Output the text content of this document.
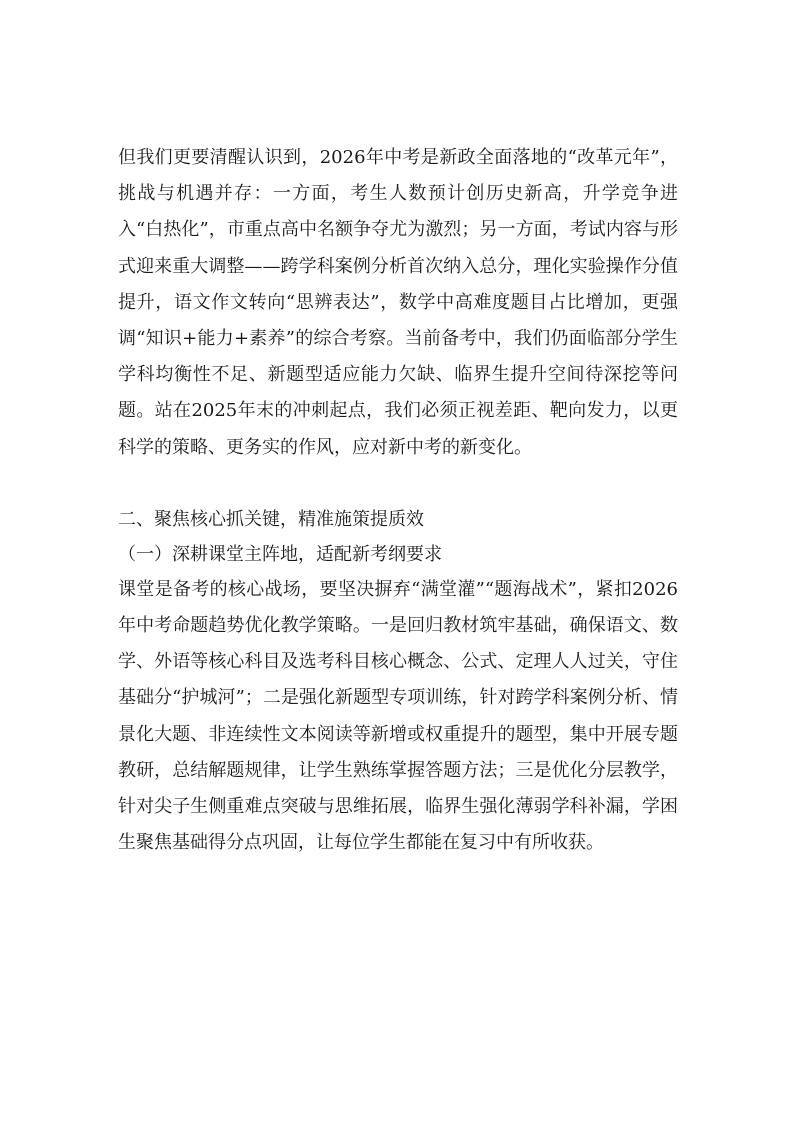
但我们更要清醒认识到，2026年中考是新政全面落地的“改革元年”，挑战与机遇并存：一方面，考生人数预计创历史新高，升学竞争进入“白热化”，市重点高中名额争夺尤为激烈；另一方面，考试内容与形式迎来重大调整——跨学科案例分析首次纳入总分，理化实验操作分值提升，语文作文转向“思辨表达”，数学中高难度题目占比增加，更强调“知识+能力+素养”的综合考察。当前备考中，我们仍面临部分学生学科均衡性不足、新题型适应能力欠缺、临界生提升空间待深挖等问题。站在2025年末的冲刺起点，我们必须正视差距、靶向发力，以更科学的策略、更务实的作风，应对新中考的新变化。

二、聚焦核心抓关键，精准施策提质效

（一）深耕课堂主阵地，适配新考纲要求

课堂是备考的核心战场，要坚决摒弃“满堂灌”“题海战术”，紧扣2026年中考命题趋势优化教学策略。一是回归教材筑牢基础，确保语文、数学、外语等核心科目及选考科目核心概念、公式、定理人人过关，守住基础分“护城河”；二是强化新题型专项训练，针对跨学科案例分析、情景化大题、非连续性文本阅读等新增或权重提升的题型，集中开展专题教研，总结解题规律，让学生熟练掌握答题方法；三是优化分层教学，针对尖子生侧重难点突破与思维拓展，临界生强化薄弱学科补漏，学困生聚焦基础得分点巩固，让每位学生都能在复习中有所收获。
